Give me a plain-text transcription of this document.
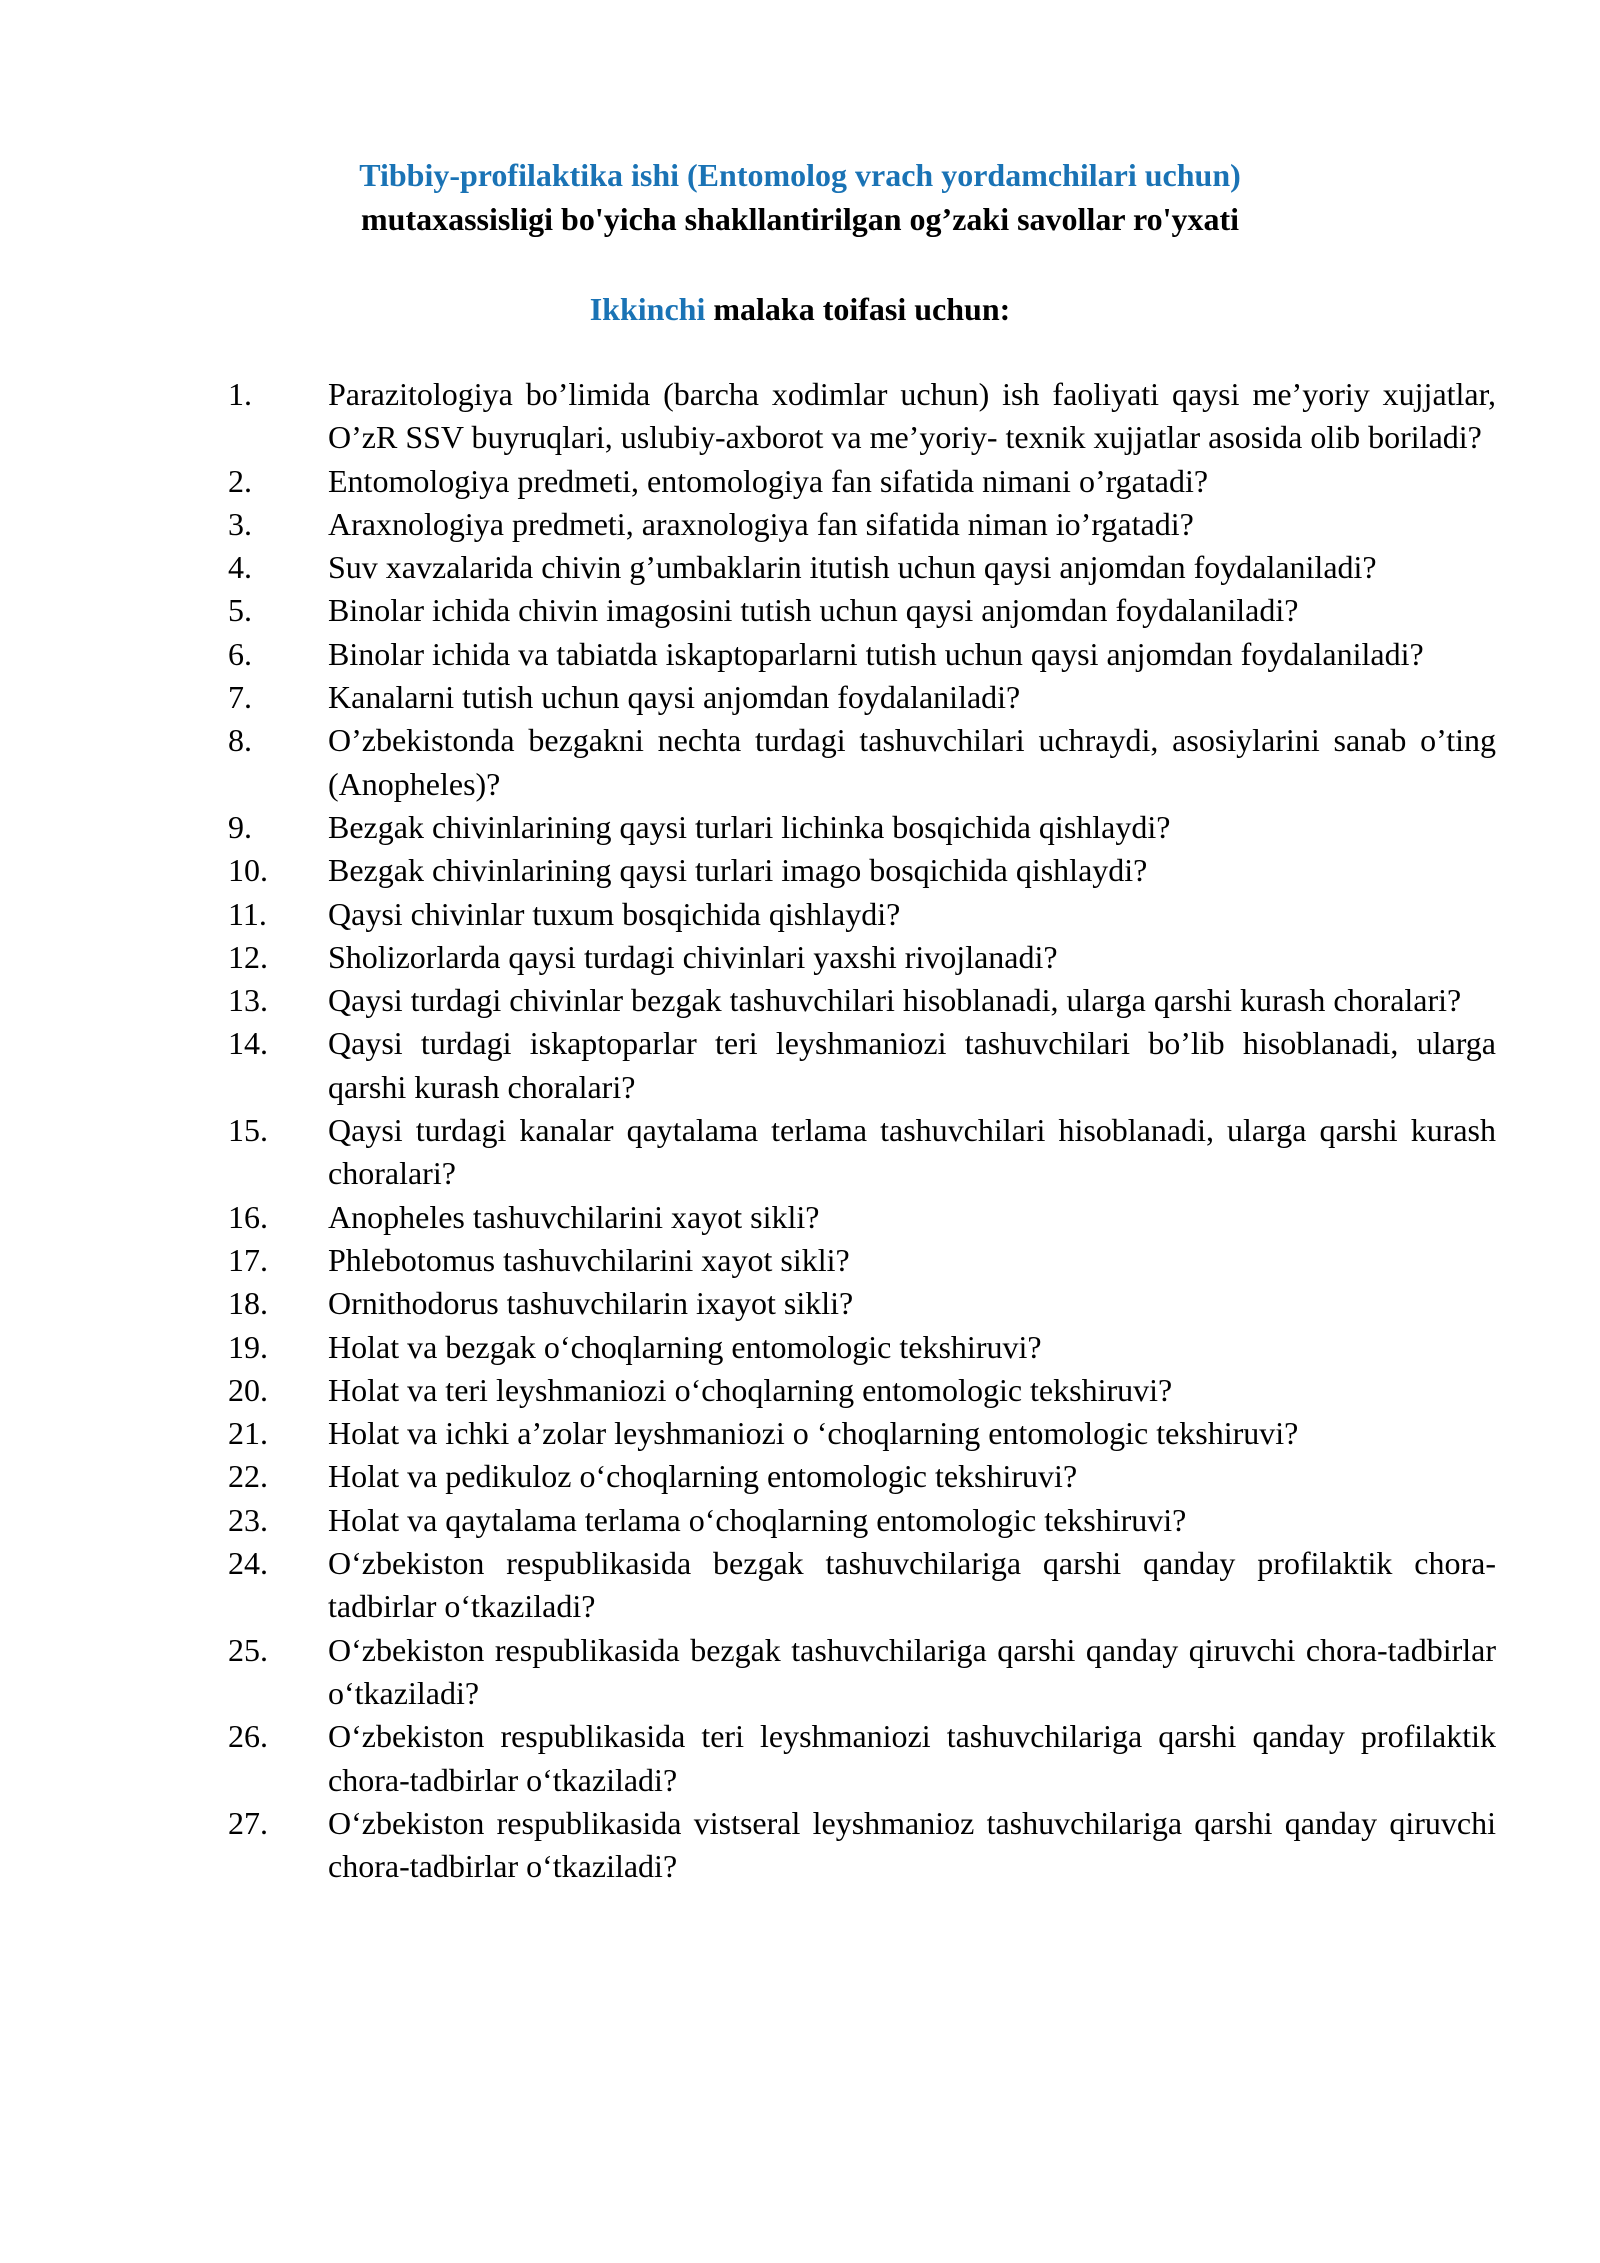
Tibbiy-profilaktika ishi (Entomolog vrach yordamchilari uchun)
mutaxassisligi bo'yicha shakllantirilgan og’zaki savollar ro'yxati
Ikkinchi malaka toifasi uchun:
1. Parazitologiya bo’limida (barcha xodimlar uchun) ish faoliyati qaysi me’yoriy xujjatlar, O’zR SSV buyruqlari, uslubiy-axborot va me’yoriy- texnik xujjatlar asosida olib boriladi?
2. Entomologiya predmeti, entomologiya fan sifatida nimani o’rgatadi?
3. Araxnologiya predmeti, araxnologiya fan sifatida niman io’rgatadi?
4. Suv xavzalarida chivin g’umbaklarin itutish uchun qaysi anjomdan foydalaniladi?
5. Binolar ichida chivin imagosini tutish uchun qaysi anjomdan foydalaniladi?
6. Binolar ichida va tabiatda iskaptoparlarni tutish uchun qaysi anjomdan foydalaniladi?
7. Kanalarni tutish uchun qaysi anjomdan foydalaniladi?
8. O’zbekistonda bezgakni nechta turdagi tashuvchilari uchraydi, asosiylarini sanab o’ting (Anopheles)?
9. Bezgak chivinlarining qaysi turlari lichinka bosqichida qishlaydi?
10. Bezgak chivinlarining qaysi turlari imago bosqichida qishlaydi?
11. Qaysi chivinlar tuxum bosqichida qishlaydi?
12. Sholizorlarda qaysi turdagi chivinlari yaxshi rivojlanadi?
13. Qaysi turdagi chivinlar bezgak tashuvchilari hisoblanadi, ularga qarshi kurash choralari?
14. Qaysi turdagi iskaptoparlar teri leyshmaniozi tashuvchilari bo’lib hisoblanadi, ularga qarshi kurash choralari?
15. Qaysi turdagi kanalar qaytalama terlama tashuvchilari hisoblanadi, ularga qarshi kurash choralari?
16. Anopheles tashuvchilarini xayot sikli?
17. Phlebotomus tashuvchilarini xayot sikli?
18. Ornithodorus tashuvchilarin ixayot sikli?
19. Holat va bezgak o‘choqlarning entomologic tekshiruvi?
20. Holat va teri leyshmaniozi o‘choqlarning entomologic tekshiruvi?
21. Holat va ichki a’zolar leyshmaniozi o ‘choqlarning entomologic tekshiruvi?
22. Holat va pedikuloz o‘choqlarning entomologic tekshiruvi?
23. Holat va qaytalama terlama o‘choqlarning entomologic tekshiruvi?
24. O‘zbekiston respublikasida bezgak tashuvchilariga qarshi qanday profilaktik chora-tadbirlar o‘tkaziladi?
25. O‘zbekiston respublikasida bezgak tashuvchilariga qarshi qanday qiruvchi chora-tadbirlar o‘tkaziladi?
26. O‘zbekiston respublikasida teri leyshmaniozi tashuvchilariga qarshi qanday profilaktik chora-tadbirlar o‘tkaziladi?
27. O‘zbekiston respublikasida vistseral leyshmanioz tashuvchilariga qarshi qanday qiruvchi chora-tadbirlar o‘tkaziladi?
